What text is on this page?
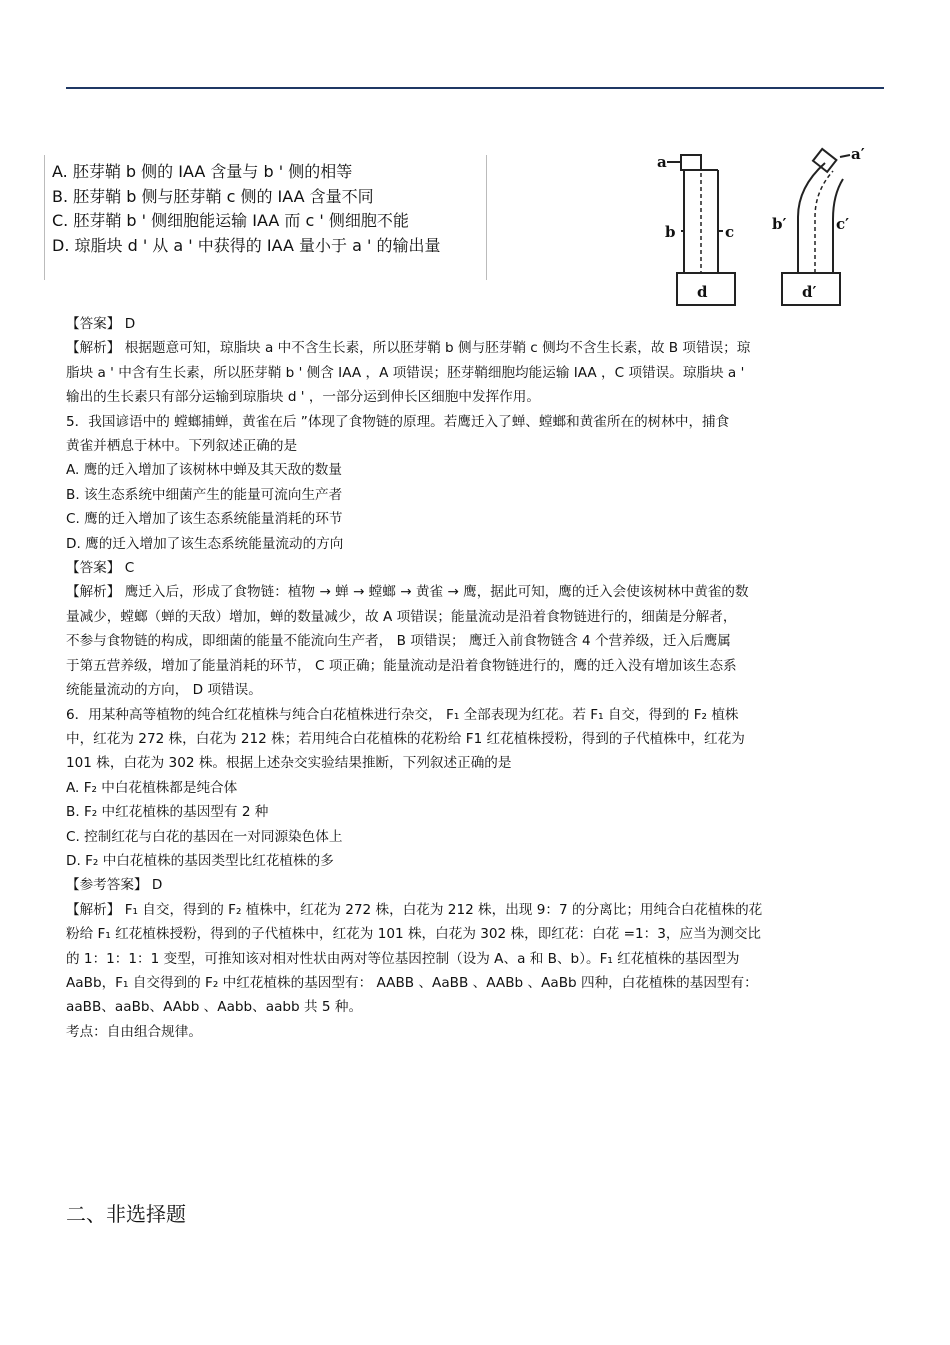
A. 胚芽鞘 b 侧的 IAA 含量与 b ' 侧的相等
B. 胚芽鞘 b 侧与胚芽鞘 c 侧的 IAA 含量不同
C. 胚芽鞘 b ' 侧细胞能运输 IAA 而 c ' 侧细胞不能
D. 琼脂块 d ' 从 a ' 中获得的 IAA 量小于 a ' 的输出量
a
b	c
d
a′
b′	c′
d′
【答案】 D
【解析】 根据题意可知，琼脂块 a 中不含生长素，所以胚芽鞘 b 侧与胚芽鞘 c 侧均不含生长素，故 B 项错误；琼
脂块 a ' 中含有生长素，所以胚芽鞘 b ' 侧含 IAA ，A 项错误；胚芽鞘细胞均能运输 IAA ，C 项错误。琼脂块 a '
输出的生长素只有部分运输到琼脂块 d ' ，一部分运到伸长区细胞中发挥作用。
5．我国谚语中的 螳螂捕蝉，黄雀在后 ”体现了食物链的原理。若鹰迁入了蝉、螳螂和黄雀所在的树林中，捕食
黄雀并栖息于林中。下列叙述正确的是
A. 鹰的迁入增加了该树林中蝉及其天敌的数量
B. 该生态系统中细菌产生的能量可流向生产者
C. 鹰的迁入增加了该生态系统能量消耗的环节
D. 鹰的迁入增加了该生态系统能量流动的方向
【答案】 C
【解析】 鹰迁入后，形成了食物链：植物 → 蝉 → 螳螂 → 黄雀 → 鹰，据此可知，鹰的迁入会使该树林中黄雀的数
量减少，螳螂（蝉的天敌）增加，蝉的数量减少，故 A 项错误；能量流动是沿着食物链进行的，细菌是分解者，
不参与食物链的构成，即细菌的能量不能流向生产者， B 项错误； 鹰迁入前食物链含 4 个营养级，迁入后鹰属
于第五营养级，增加了能量消耗的环节， C 项正确；能量流动是沿着食物链进行的，鹰的迁入没有增加该生态系
统能量流动的方向， D 项错误。
6．用某种高等植物的纯合红花植株与纯合白花植株进行杂交， F₁ 全部表现为红花。若 F₁ 自交，得到的 F₂ 植株
中，红花为 272 株，白花为 212 株；若用纯合白花植株的花粉给 F1 红花植株授粉，得到的子代植株中，红花为
101 株，白花为 302 株。根据上述杂交实验结果推断，下列叙述正确的是
A. F₂ 中白花植株都是纯合体
B. F₂ 中红花植株的基因型有 2 种
C. 控制红花与白花的基因在一对同源染色体上
D. F₂ 中白花植株的基因类型比红花植株的多
【参考答案】 D
【解析】 F₁ 自交，得到的 F₂ 植株中，红花为 272 株，白花为 212 株，出现 9：7 的分离比；用纯合白花植株的花
粉给 F₁ 红花植株授粉，得到的子代植株中，红花为 101 株，白花为 302 株，即红花：白花 =1：3，应当为测交比
的 1：1：1：1 变型，可推知该对相对性状由两对等位基因控制（设为 A、a 和 B、b）。F₁ 红花植株的基因型为
AaBb，F₁ 自交得到的 F₂ 中红花植株的基因型有： AABB 、AaBB 、AABb 、AaBb 四种，白花植株的基因型有：
aaBB、aaBb、AAbb 、Aabb、aabb 共 5 种。
考点：自由组合规律。
二、非选择题
